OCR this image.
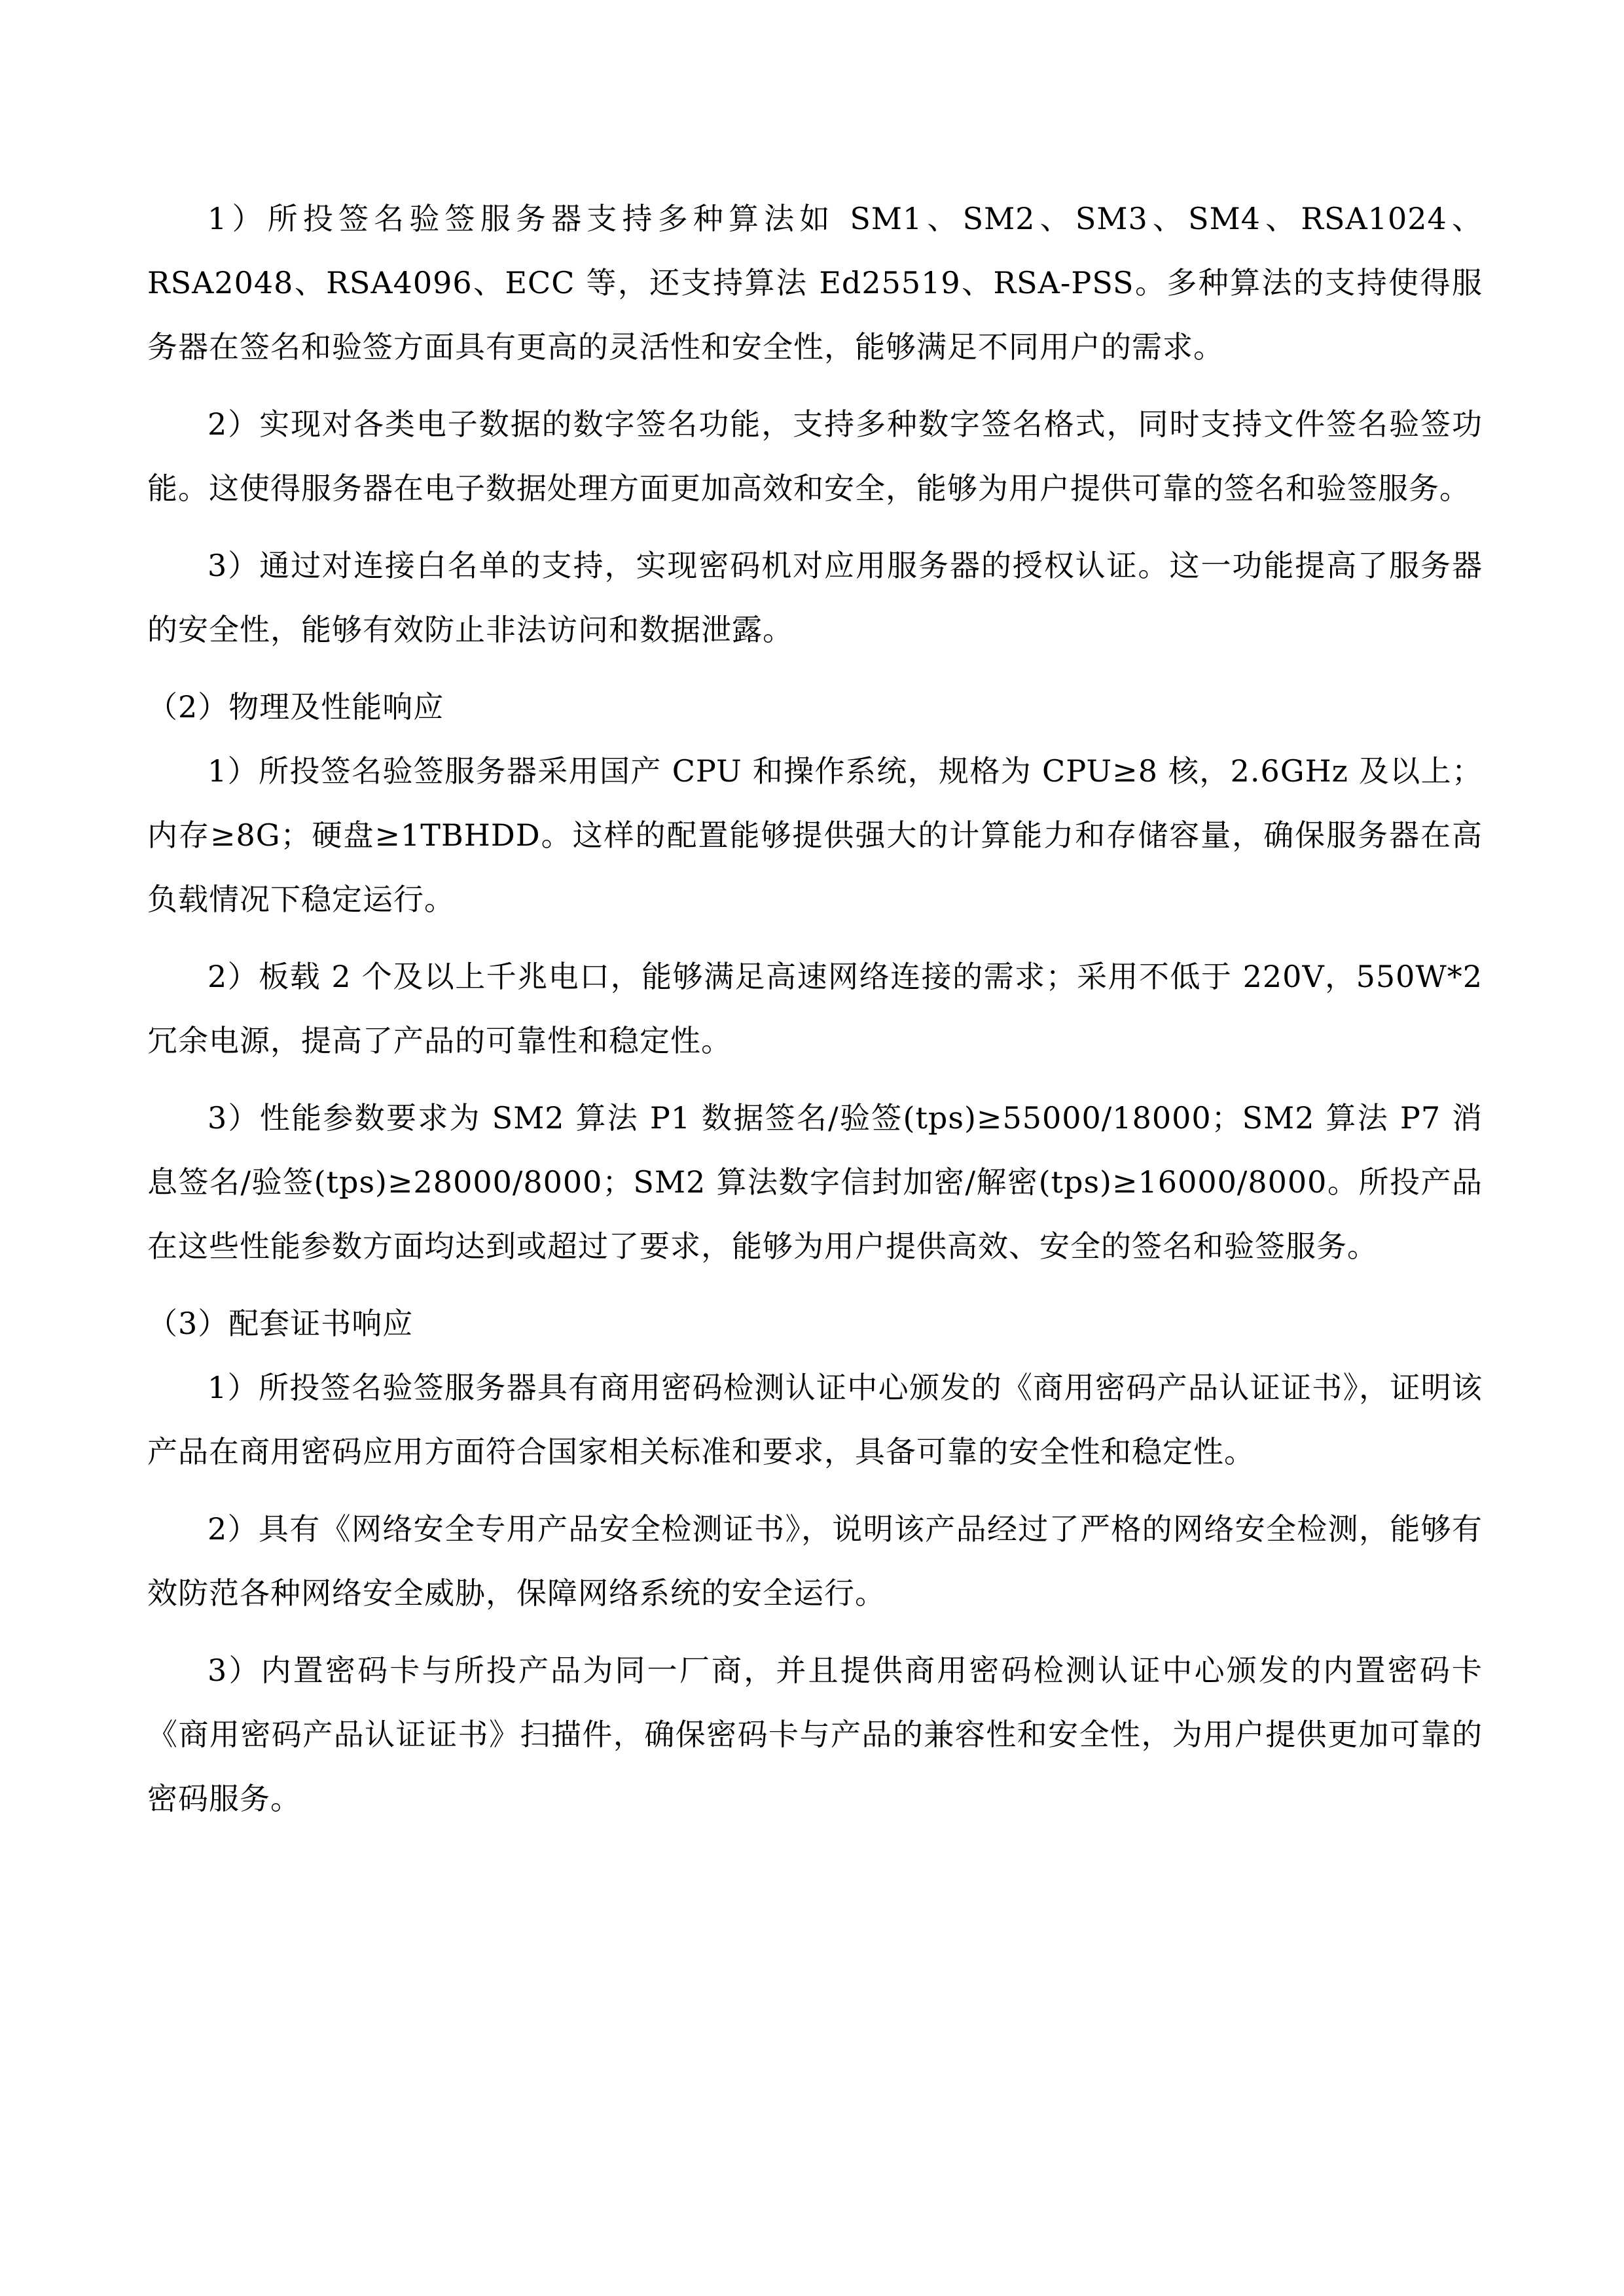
1）所投签名验签服务器支持多种算法如 SM1、SM2、SM3、SM4、RSA1024、RSA2048、RSA4096、ECC 等，还支持算法 Ed25519、RSA-PSS。多种算法的支持使得服务器在签名和验签方面具有更高的灵活性和安全性，能够满足不同用户的需求。

2）实现对各类电子数据的数字签名功能，支持多种数字签名格式，同时支持文件签名验签功能。这使得服务器在电子数据处理方面更加高效和安全，能够为用户提供可靠的签名和验签服务。

3）通过对连接白名单的支持，实现密码机对应用服务器的授权认证。这一功能提高了服务器的安全性，能够有效防止非法访问和数据泄露。

（2）物理及性能响应

1）所投签名验签服务器采用国产 CPU 和操作系统，规格为 CPU≥8 核，2.6GHz 及以上；内存≥8G；硬盘≥1TBHDD。这样的配置能够提供强大的计算能力和存储容量，确保服务器在高负载情况下稳定运行。

2）板载 2 个及以上千兆电口，能够满足高速网络连接的需求；采用不低于 220V，550W*2 冗余电源，提高了产品的可靠性和稳定性。

3）性能参数要求为 SM2 算法 P1 数据签名/验签(tps)≥55000/18000；SM2 算法 P7 消息签名/验签(tps)≥28000/8000；SM2 算法数字信封加密/解密(tps)≥16000/8000。所投产品在这些性能参数方面均达到或超过了要求，能够为用户提供高效、安全的签名和验签服务。

（3）配套证书响应

1）所投签名验签服务器具有商用密码检测认证中心颁发的《商用密码产品认证证书》，证明该产品在商用密码应用方面符合国家相关标准和要求，具备可靠的安全性和稳定性。

2）具有《网络安全专用产品安全检测证书》，说明该产品经过了严格的网络安全检测，能够有效防范各种网络安全威胁，保障网络系统的安全运行。

3）内置密码卡与所投产品为同一厂商，并且提供商用密码检测认证中心颁发的内置密码卡《商用密码产品认证证书》扫描件，确保密码卡与产品的兼容性和安全性，为用户提供更加可靠的密码服务。
